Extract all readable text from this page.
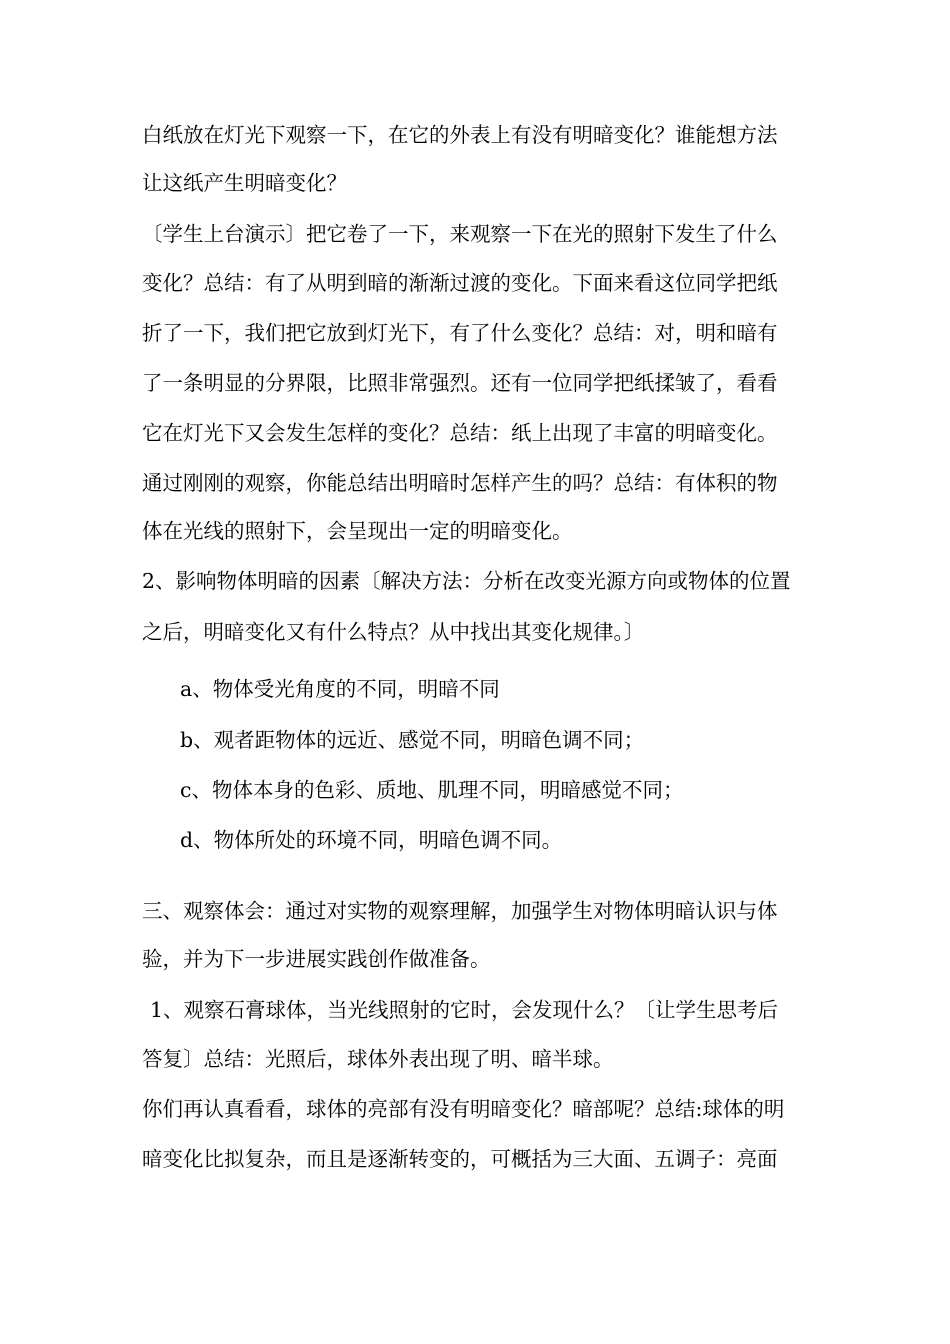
白纸放在灯光下观察一下，在它的外表上有没有明暗变化？谁能想方法
让这纸产生明暗变化？
〔学生上台演示〕把它卷了一下，来观察一下在光的照射下发生了什么
变化？总结：有了从明到暗的渐渐过渡的变化。下面来看这位同学把纸
折了一下，我们把它放到灯光下，有了什么变化？总结：对，明和暗有
了一条明显的分界限，比照非常强烈。还有一位同学把纸揉皱了，看看
它在灯光下又会发生怎样的变化？总结：纸上出现了丰富的明暗变化。
通过刚刚的观察，你能总结出明暗时怎样产生的吗？总结：有体积的物
体在光线的照射下，会呈现出一定的明暗变化。
2、影响物体明暗的因素〔解决方法：分析在改变光源方向或物体的位置
之后，明暗变化又有什么特点？从中找出其变化规律。〕
a、物体受光角度的不同，明暗不同
b、观者距物体的远近、感觉不同，明暗色调不同；
c、物体本身的色彩、质地、肌理不同，明暗感觉不同；
d、物体所处的环境不同，明暗色调不同。
三、观察体会：通过对实物的观察理解，加强学生对物体明暗认识与体
验，并为下一步进展实践创作做准备。
1、观察石膏球体，当光线照射的它时，会发现什么？〔让学生思考后
答复〕总结：光照后，球体外表出现了明、暗半球。
你们再认真看看，球体的亮部有没有明暗变化？暗部呢？总结:球体的明
暗变化比拟复杂，而且是逐渐转变的，可概括为三大面、五调子：亮面
